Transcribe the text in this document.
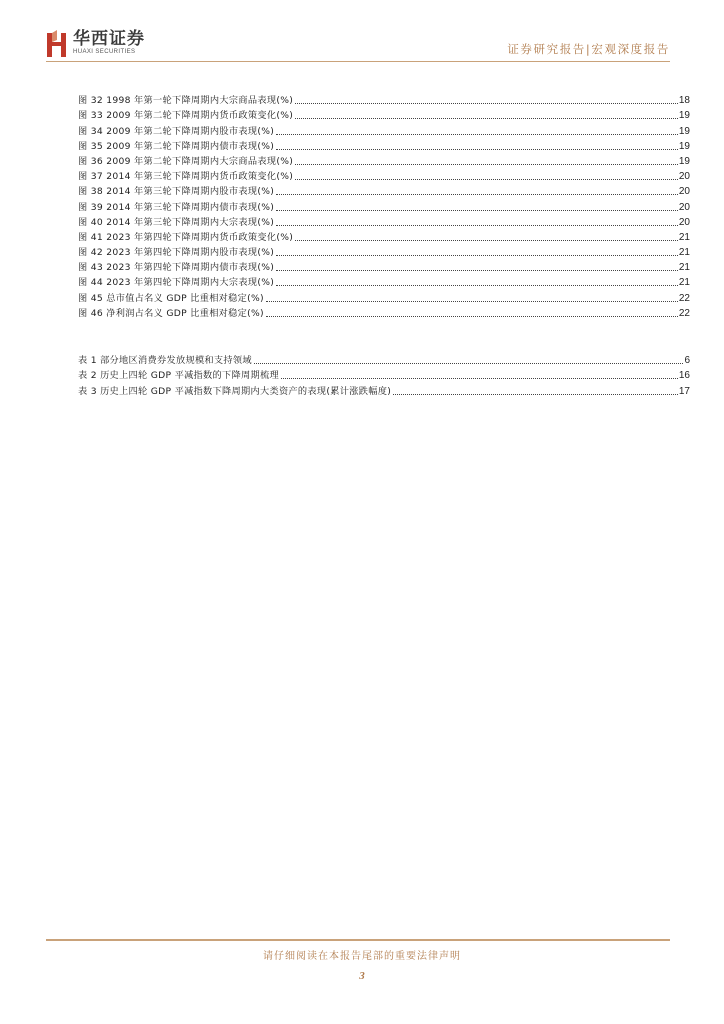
华西证券
HUAXI SECURITIES	证券研究报告|宏观深度报告
图 32 1998 年第一轮下降周期内大宗商品表现(%)	18
图 33 2009 年第二轮下降周期内货币政策变化(%)	19
图 34 2009 年第二轮下降周期内股市表现(%)	19
图 35 2009 年第二轮下降周期内债市表现(%)	19
图 36 2009 年第二轮下降周期内大宗商品表现(%)	19
图 37 2014 年第三轮下降周期内货币政策变化(%)	20
图 38 2014 年第三轮下降周期内股市表现(%)	20
图 39 2014 年第三轮下降周期内债市表现(%)	20
图 40 2014 年第三轮下降周期内大宗表现(%)	20
图 41 2023 年第四轮下降周期内货币政策变化(%)	21
图 42 2023 年第四轮下降周期内股市表现(%)	21
图 43 2023 年第四轮下降周期内债市表现(%)	21
图 44 2023 年第四轮下降周期内大宗表现(%)	21
图 45 总市值占名义 GDP 比重相对稳定(%)	22
图 46 净利润占名义 GDP 比重相对稳定(%)	22
表 1 部分地区消费券发放规模和支持领域	6
表 2 历史上四轮 GDP 平减指数的下降周期梳理	16
表 3 历史上四轮 GDP 平减指数下降周期内大类资产的表现(累计涨跌幅度)	17
请仔细阅读在本报告尾部的重要法律声明
3
